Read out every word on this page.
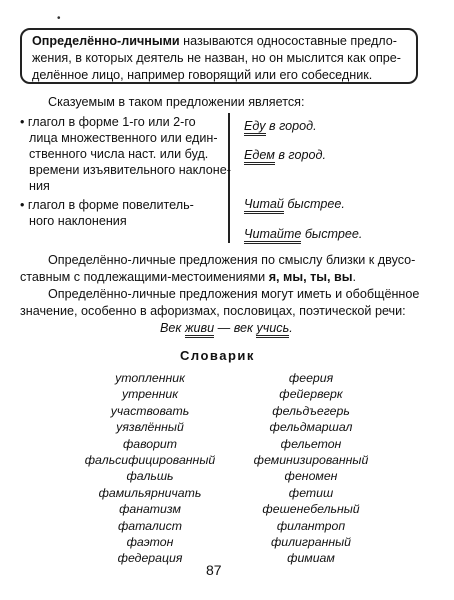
•
Определённо-личными называются односоставные предло-
жения, в которых деятель не назван, но он мыслится как опре-
делённое лицо, например говорящий или его собеседник.
Сказуемым в таком предложении является:
• глагол в форме 1-го или 2-го
лица множественного или един-
ственного числа наст. или буд.
времени изъявительного наклоне-
ния
• глагол в форме повелитель-
ного наклонения
Еду в город.
Едем в город.
Читай быстрее.
Читайте быстрее.
Определённо-личные предложения по смыслу близки к двусо-
ставным с подлежащими-местоимениями я, мы, ты, вы.
Определённо-личные предложения могут иметь и обобщённое
значение, особенно в афоризмах, пословицах, поэтической речи:
Век живи — век учись.
Словарик
утопленник
утренник
участвовать
уязвлённый
фаворит
фальсифицированный
фальшь
фамильярничать
фанатизм
фаталист
фаэтон
федерация
феерия
фейерверк
фельдъегерь
фельдмаршал
фельетон
феминизированный
феномен
фетиш
фешенебельный
филантроп
филигранный
фимиам
87
